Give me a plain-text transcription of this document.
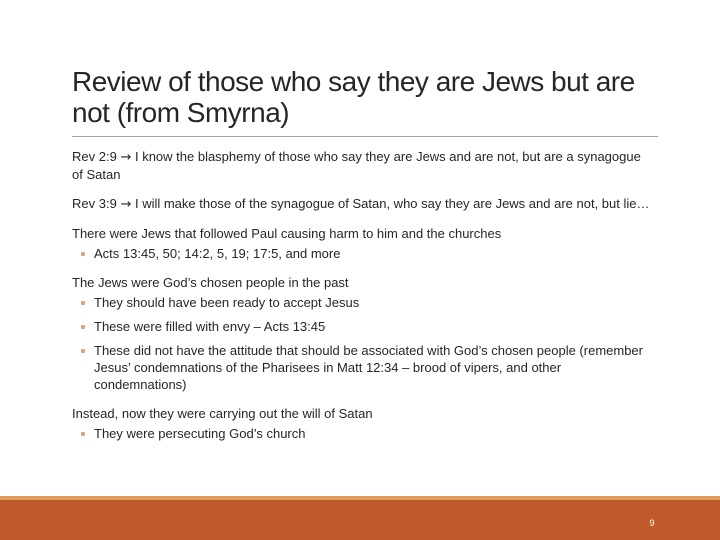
Review of those who say they are Jews but are
not (from Smyrna)

Rev 2:9 → I know the blasphemy of those who say they are Jews and are not, but are a synagogue of Satan

Rev 3:9 → I will make those of the synagogue of Satan, who say they are Jews and are not, but lie…

There were Jews that followed Paul causing harm to him and the churches
Acts 13:45, 50; 14:2, 5, 19; 17:5, and more
The Jews were God’s chosen people in the past
They should have been ready to accept Jesus
These were filled with envy – Acts 13:45
These did not have the attitude that should be associated with God’s chosen people (remember Jesus’ condemnations of the Pharisees in Matt 12:34 – brood of vipers, and other condemnations)
Instead, now they were carrying out the will of Satan
They were persecuting God’s church
9
